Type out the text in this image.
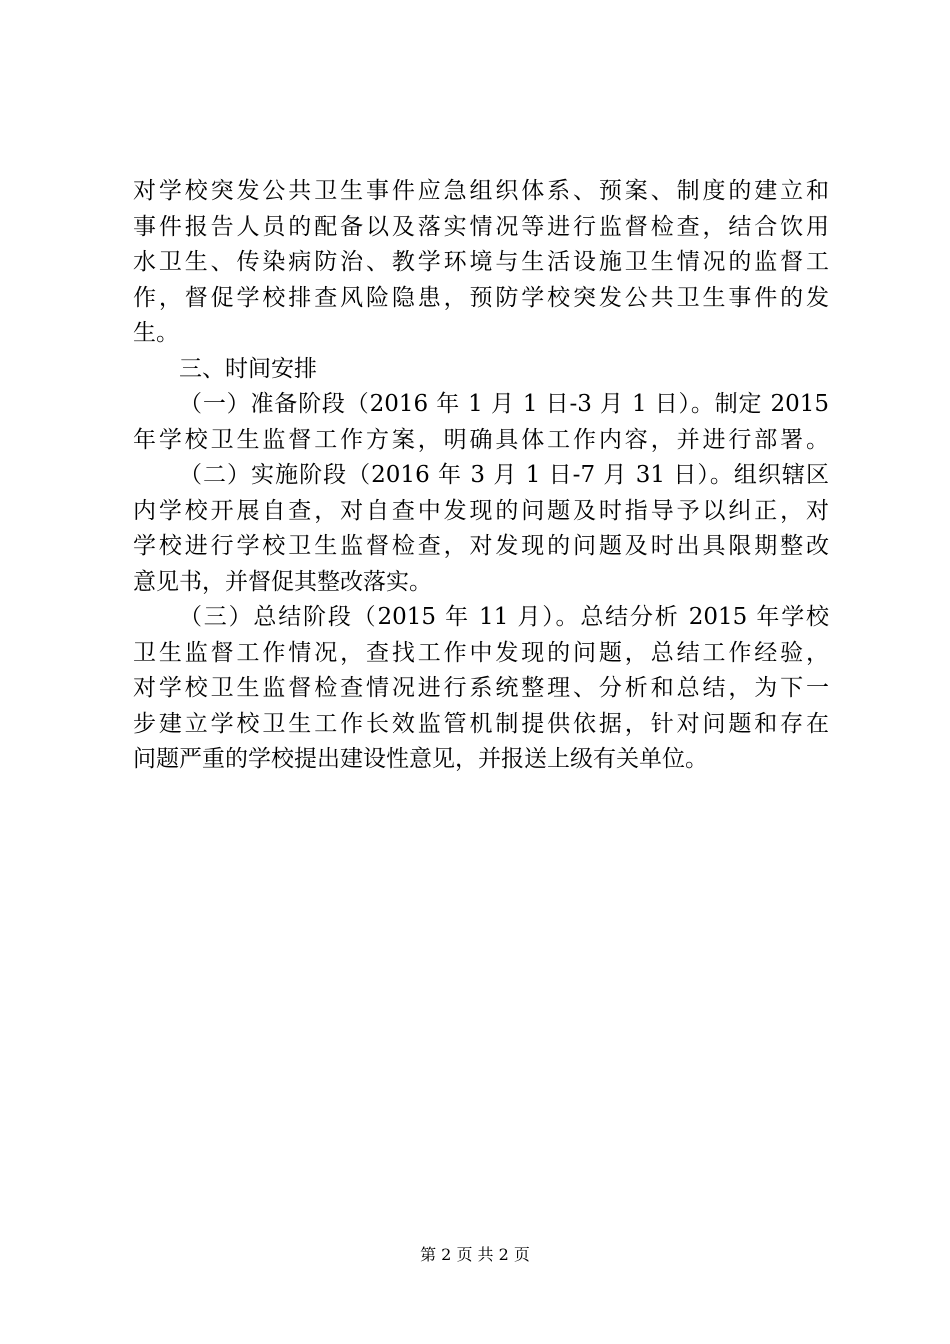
对学校突发公共卫生事件应急组织体系、预案、制度的建立和
事件报告人员的配备以及落实情况等进行监督检查，结合饮用
水卫生、传染病防治、教学环境与生活设施卫生情况的监督工
作，督促学校排查风险隐患，预防学校突发公共卫生事件的发
生。
三、时间安排
（一）准备阶段（2016 年 1 月 1 日-3 月 1 日）。制定 2015
年学校卫生监督工作方案，明确具体工作内容，并进行部署。
（二）实施阶段（2016 年 3 月 1 日-7 月 31 日）。组织辖区
内学校开展自查，对自查中发现的问题及时指导予以纠正，对
学校进行学校卫生监督检查，对发现的问题及时出具限期整改
意见书，并督促其整改落实。
（三）总结阶段（2015 年 11 月）。总结分析 2015 年学校
卫生监督工作情况，查找工作中发现的问题，总结工作经验，
对学校卫生监督检查情况进行系统整理、分析和总结，为下一
步建立学校卫生工作长效监管机制提供依据，针对问题和存在
问题严重的学校提出建设性意见，并报送上级有关单位。
第 2 页 共 2 页
